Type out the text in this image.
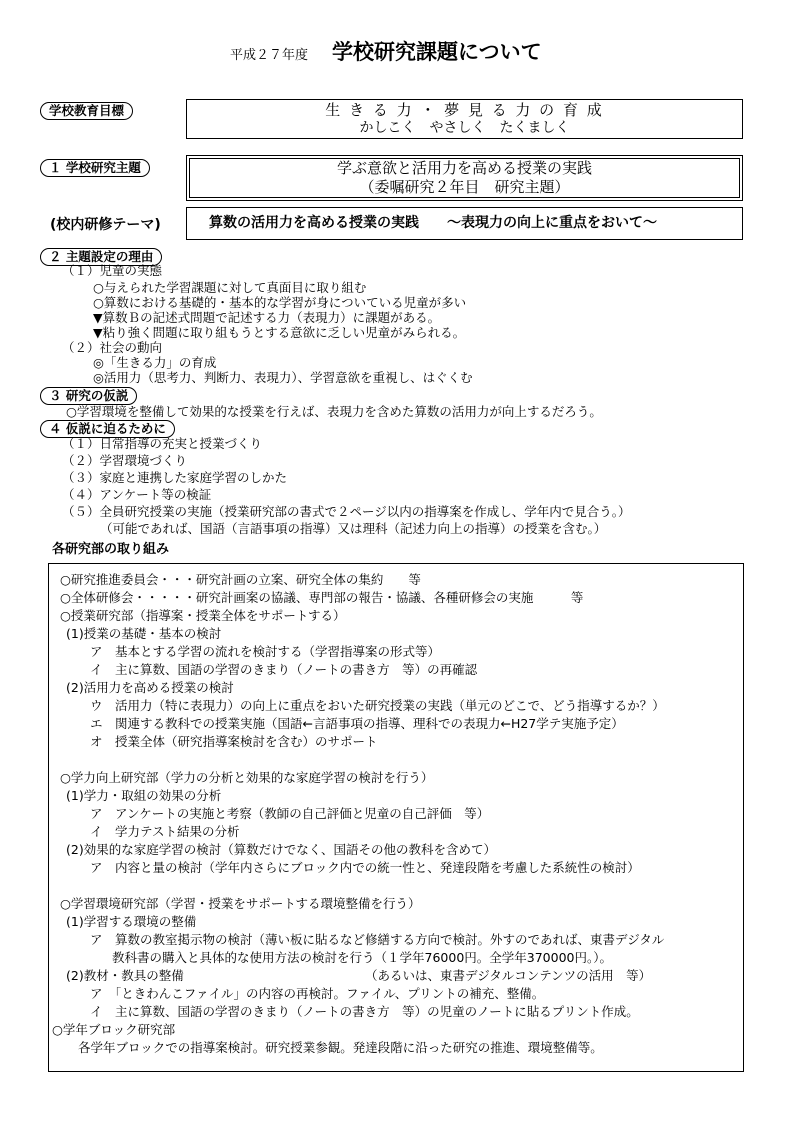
平成２７年度 学校研究課題について
学校教育目標	生 き る 力 ・ 夢 見 る 力 の 育 成
かしこく　やさしく　たくましく
１ 学校研究主題	学ぶ意欲と活用力を高める授業の実践
（委嘱研究２年目　研究主題）
(校内研修テーマ)	算数の活用力を高める授業の実践　　〜表現力の向上に重点をおいて〜
２ 主題設定の理由
（１）児童の実態
○与えられた学習課題に対して真面目に取り組む
○算数における基礎的・基本的な学習が身についている児童が多い
▼算数Ｂの記述式問題で記述する力（表現力）に課題がある。
▼粘り強く問題に取り組もうとする意欲に乏しい児童がみられる。
（２）社会の動向
◎「生きる力」の育成
◎活用力（思考力、判断力、表現力）、学習意欲を重視し、はぐくむ
３ 研究の仮説
○学習環境を整備して効果的な授業を行えば、表現力を含めた算数の活用力が向上するだろう。
４ 仮説に迫るために
（１）日常指導の充実と授業づくり
（２）学習環境づくり
（３）家庭と連携した家庭学習のしかた
（４）アンケート等の検証
（５）全員研究授業の実施（授業研究部の書式で２ページ以内の指導案を作成し、学年内で見合う。）
（可能であれば、国語（言語事項の指導）又は理科（記述力向上の指導）の授業を含む。）
各研究部の取り組み
○研究推進委員会・・・研究計画の立案、研究全体の集約　　等
○全体研修会・・・・・研究計画案の協議、専門部の報告・協議、各種研修会の実施　　　等
○授業研究部（指導案・授業全体をサポートする）
(1)授業の基礎・基本の検討
ア　基本とする学習の流れを検討する（学習指導案の形式等）
イ　主に算数、国語の学習のきまり（ノートの書き方　等）の再確認
(2)活用力を高める授業の検討
ウ　活用力（特に表現力）の向上に重点をおいた研究授業の実践（単元のどこで、どう指導するか？）
エ　関連する教科での授業実施（国語←言語事項の指導、理科での表現力←H27学テ実施予定）
オ　授業全体（研究指導案検討を含む）のサポート
○学力向上研究部（学力の分析と効果的な家庭学習の検討を行う）
(1)学力・取組の効果の分析
ア　アンケートの実施と考察（教師の自己評価と児童の自己評価　等）
イ　学力テスト結果の分析
(2)効果的な家庭学習の検討（算数だけでなく、国語その他の教科を含めて）
ア　内容と量の検討（学年内さらにブロック内での統一性と、発達段階を考慮した系統性の検討）
○学習環境研究部（学習・授業をサポートする環境整備を行う）
(1)学習する環境の整備
ア　算数の教室掲示物の検討（薄い板に貼るなど修繕する方向で検討。外すのであれば、東書デジタル
教科書の購入と具体的な使用方法の検討を行う（１学年76000円。全学年370000円。）。
(2)教材・教具の整備　　　　　　　　　　　　　　　（あるいは、東書デジタルコンテンツの活用　等）
ア　「ときわんこファイル」の内容の再検討。ファイル、プリントの補充、整備。
イ　主に算数、国語の学習のきまり（ノートの書き方　等）の児童のノートに貼るプリント作成。
○学年ブロック研究部
各学年ブロックでの指導案検討。研究授業参観。発達段階に沿った研究の推進、環境整備等。
